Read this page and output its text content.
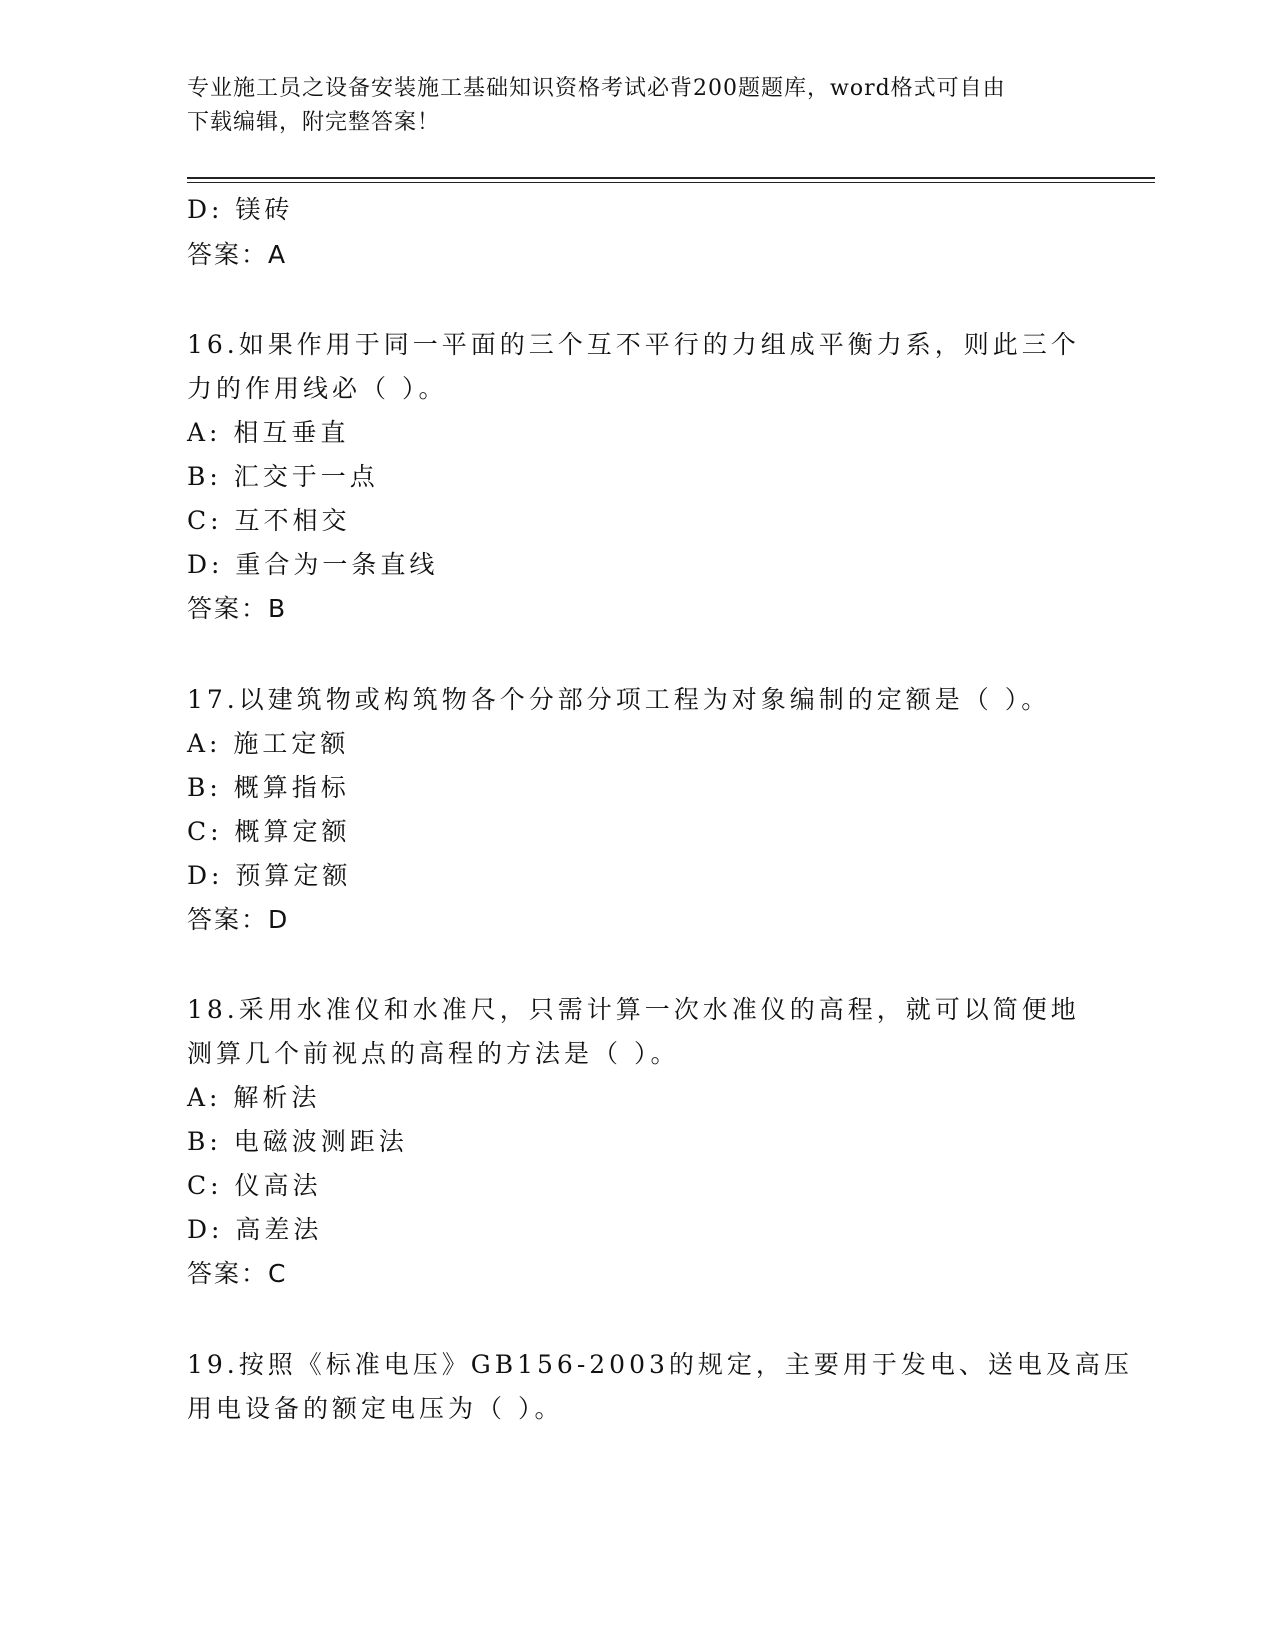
专业施工员之设备安装施工基础知识资格考试必背200题题库，word格式可自由
下载编辑，附完整答案！
D: 镁砖
答案：A
16.如果作用于同一平面的三个互不平行的力组成平衡力系，则此三个
力的作用线必（ ）。
A: 相互垂直
B: 汇交于一点
C: 互不相交
D: 重合为一条直线
答案：B
17.以建筑物或构筑物各个分部分项工程为对象编制的定额是（ ）。
A: 施工定额
B: 概算指标
C: 概算定额
D: 预算定额
答案：D
18.采用水准仪和水准尺，只需计算一次水准仪的高程，就可以简便地
测算几个前视点的高程的方法是（ ）。
A: 解析法
B: 电磁波测距法
C: 仪高法
D: 高差法
答案：C
19.按照《标准电压》GB156-2003的规定，主要用于发电、送电及高压
用电设备的额定电压为（ ）。
